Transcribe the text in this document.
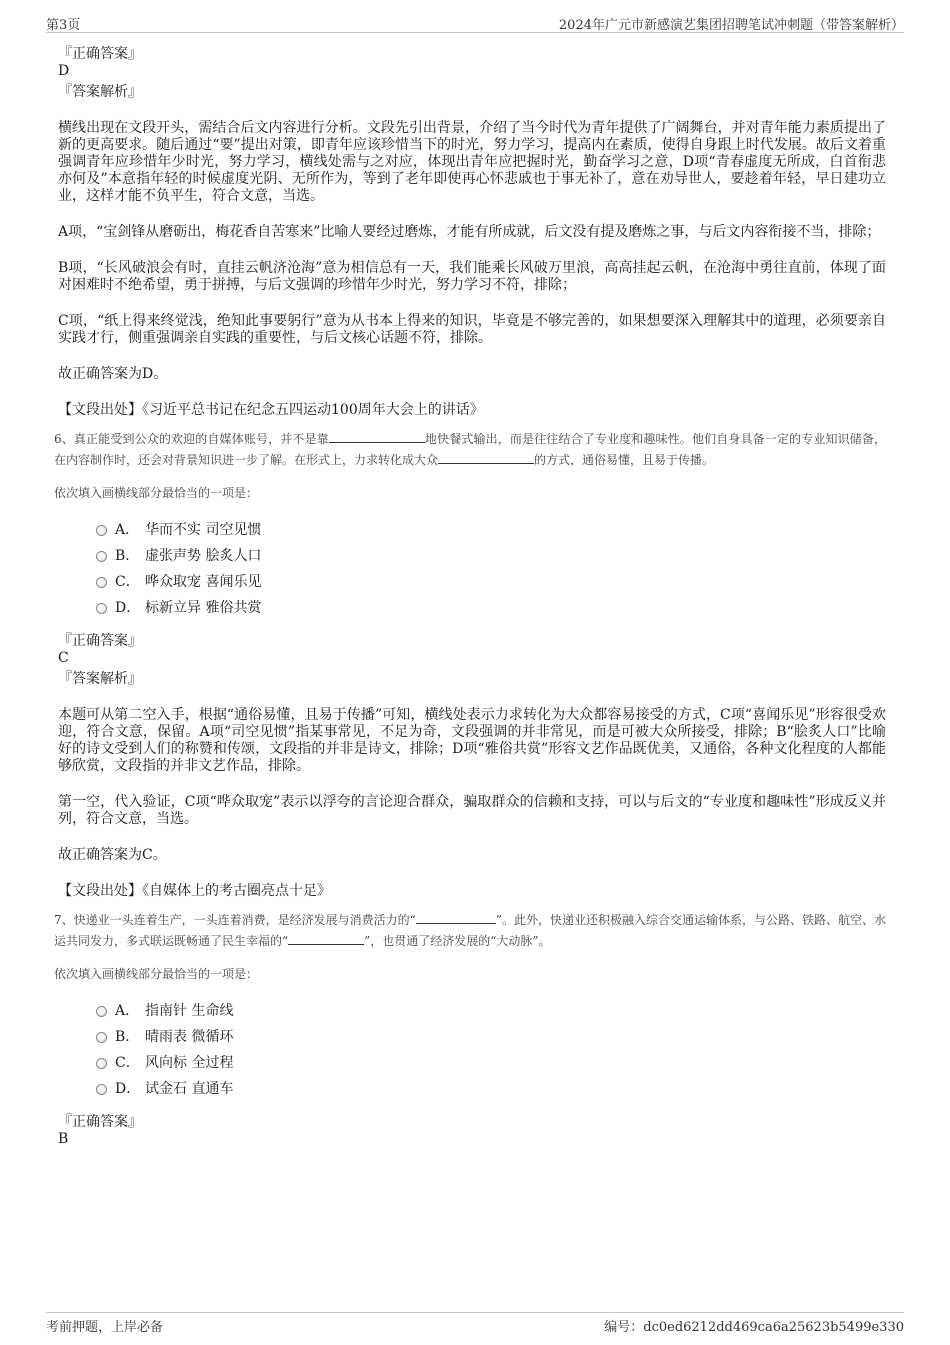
第3页	2024年广元市新感演艺集团招聘笔试冲刺题（带答案解析）

『正确答案』

D

『答案解析』

横线出现在文段开头，需结合后文内容进行分析。文段先引出背景，介绍了当今时代为青年提供了广阔舞台，并对青年能力素质提出了新的更高要求。随后通过“要”提出对策，即青年应该珍惜当下的时光，努力学习，提高内在素质，使得自身跟上时代发展。故后文着重强调青年应珍惜年少时光，努力学习，横线处需与之对应，体现出青年应把握时光，勤奋学习之意，D项“青春虚度无所成，白首衔悲亦何及”本意指年轻的时候虚度光阴、无所作为，等到了老年即使再心怀悲戚也于事无补了，意在劝导世人，要趁着年轻，早日建功立业，这样才能不负平生，符合文意，当选。

A项，“宝剑锋从磨砺出，梅花香自苦寒来”比喻人要经过磨炼，才能有所成就，后文没有提及磨炼之事，与后文内容衔接不当，排除；

B项，“长风破浪会有时，直挂云帆济沧海”意为相信总有一天，我们能乘长风破万里浪，高高挂起云帆，在沧海中勇往直前，体现了面对困难时不绝希望，勇于拼搏，与后文强调的珍惜年少时光，努力学习不符，排除；

C项，“纸上得来终觉浅，绝知此事要躬行”意为从书本上得来的知识，毕竟是不够完善的，如果想要深入理解其中的道理，必须要亲自实践才行，侧重强调亲自实践的重要性，与后文核心话题不符，排除。

故正确答案为D。

【文段出处】《习近平总书记在纪念五四运动100周年大会上的讲话》

6、真正能受到公众的欢迎的自媒体账号，并不是靠	地快餐式输出，而是往往结合了专业度和趣味性。他们自身具备一定的专业知识储备，在内容制作时，还会对背景知识进一步了解。在形式上，力求转化成大众	的方式，通俗易懂，且易于传播。

依次填入画横线部分最恰当的一项是：

A． 华而不实 司空见惯
B． 虚张声势 脍炙人口
C． 哗众取宠 喜闻乐见
D． 标新立异 雅俗共赏

『正确答案』

C

『答案解析』

本题可从第二空入手，根据“通俗易懂，且易于传播”可知，横线处表示力求转化为大众都容易接受的方式，C项“喜闻乐见”形容很受欢迎，符合文意，保留。A项“司空见惯”指某事常见，不足为奇，文段强调的并非常见，而是可被大众所接受，排除；B“脍炙人口”比喻好的诗文受到人们的称赞和传颂，文段指的并非是诗文，排除；D项“雅俗共赏”形容文艺作品既优美，又通俗，各种文化程度的人都能够欣赏，文段指的并非文艺作品，排除。

第一空，代入验证，C项“哗众取宠”表示以浮夸的言论迎合群众，骗取群众的信赖和支持，可以与后文的“专业度和趣味性”形成反义并列，符合文意，当选。

故正确答案为C。

【文段出处】《自媒体上的考古圈亮点十足》

7、快递业一头连着生产，一头连着消费，是经济发展与消费活力的“	”。此外，快递业还积极融入综合交通运输体系，与公路、铁路、航空、水运共同发力，多式联运既畅通了民生幸福的“	”，也贯通了经济发展的“大动脉”。

依次填入画横线部分最恰当的一项是：

A． 指南针 生命线
B． 晴雨表 微循环
C． 风向标 全过程
D． 试金石 直通车

『正确答案』

B

考前押题，上岸必备	编号：dc0ed6212dd469ca6a25623b5499e330
